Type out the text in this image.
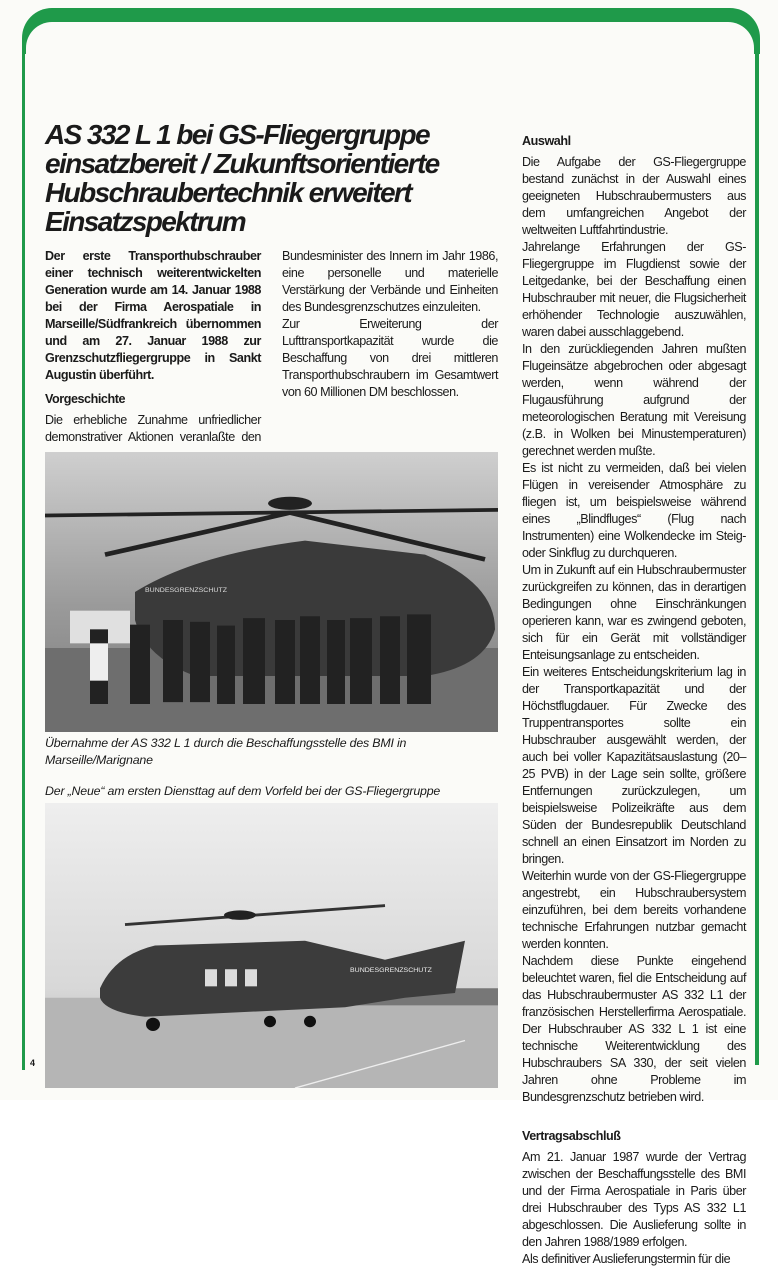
AS 332 L 1 bei GS-Fliegergruppe einsatzbereit / Zukunftsorientierte Hubschraubertechnik erweitert Einsatzspektrum

Der erste Transporthubschrauber einer technisch weiterentwickelten Generation wurde am 14. Januar 1988 bei der Firma Aerospatiale in Marseille/Südfrankreich übernommen und am 27. Januar 1988 zur Grenzschutzfliegergruppe in Sankt Augustin überführt.

Vorgeschichte

Die erhebliche Zunahme unfriedlicher demonstrativer Aktionen veranlaßte den Bundesminister des Innern im Jahr 1986, eine personelle und materielle Verstärkung der Verbände und Einheiten des Bundesgrenzschutzes einzuleiten.

Zur Erweiterung der Lufttransportkapazität wurde die Beschaffung von drei mittleren Transporthubschraubern im Gesamtwert von 60 Millionen DM beschlossen.

BUNDESGRENZSCHUTZ
Übernahme der AS 332 L 1 durch die Beschaffungsstelle des BMI in Marseille/Marignane
Der „Neue“ am ersten Diensttag auf dem Vorfeld bei der GS-Fliegergruppe
BUNDESGRENZSCHUTZ

Auswahl

Die Aufgabe der GS-Fliegergruppe bestand zunächst in der Auswahl eines geeigneten Hubschraubermusters aus dem umfangreichen Angebot der weltweiten Luftfahrtindustrie.

Jahrelange Erfahrungen der GS-Fliegergruppe im Flugdienst sowie der Leitgedanke, bei der Beschaffung einen Hubschrauber mit neuer, die Flugsicherheit erhöhender Technologie auszuwählen, waren dabei ausschlaggebend.

In den zurückliegenden Jahren mußten Flugeinsätze abgebrochen oder abgesagt werden, wenn während der Flugausführung aufgrund der meteorologischen Beratung mit Vereisung (z.B. in Wolken bei Minustemperaturen) gerechnet werden mußte.

Es ist nicht zu vermeiden, daß bei vielen Flügen in vereisender Atmosphäre zu fliegen ist, um beispielsweise während eines „Blindfluges“ (Flug nach Instrumenten) eine Wolkendecke im Steig- oder Sinkflug zu durchqueren.

Um in Zukunft auf ein Hubschraubermuster zurückgreifen zu können, das in derartigen Bedingungen ohne Einschränkungen operieren kann, war es zwingend geboten, sich für ein Gerät mit vollständiger Enteisungsanlage zu entscheiden.

Ein weiteres Entscheidungskriterium lag in der Transportkapazität und der Höchstflugdauer. Für Zwecke des Truppentransportes sollte ein Hubschrauber ausgewählt werden, der auch bei voller Kapazitätsauslastung (20–25 PVB) in der Lage sein sollte, größere Entfernungen zurückzulegen, um beispielsweise Polizeikräfte aus dem Süden der Bundesrepublik Deutschland schnell an einen Einsatzort im Norden zu bringen.

Weiterhin wurde von der GS-Fliegergruppe angestrebt, ein Hubschraubersystem einzuführen, bei dem bereits vorhandene technische Erfahrungen nutzbar gemacht werden konnten.

Nachdem diese Punkte eingehend beleuchtet waren, fiel die Entscheidung auf das Hubschraubermuster AS 332 L1 der französischen Herstellerfirma Aerospatiale. Der Hubschrauber AS 332 L 1 ist eine technische Weiterentwicklung des Hubschraubers SA 330, der seit vielen Jahren ohne Probleme im Bundesgrenzschutz betrieben wird.

Vertragsabschluß

Am 21. Januar 1987 wurde der Vertrag zwischen der Beschaffungsstelle des BMI und der Firma Aerospatiale in Paris über drei Hubschrauber des Typs AS 332 L1 abgeschlossen. Die Auslieferung sollte in den Jahren 1988/1989 erfolgen.

Als definitiver Auslieferungstermin für die

4
